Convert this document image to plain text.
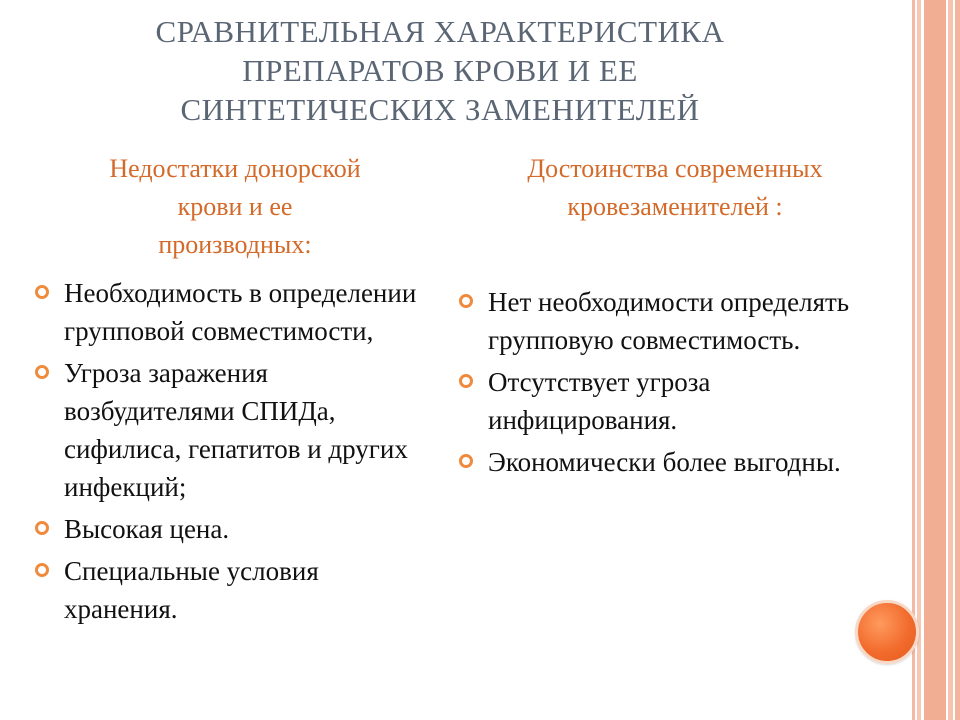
СРАВНИТЕЛЬНАЯ ХАРАКТЕРИСТИКА
ПРЕПАРАТОВ КРОВИ И ЕЕ
СИНТЕТИЧЕСКИХ ЗАМЕНИТЕЛЕЙ
Недостатки донорской
крови и ее
производных:
Достоинства современных
кровезаменителей :
Необходимость в определении групповой совместимости,
Угроза заражения возбудителями СПИДа, сифилиса, гепатитов и других инфекций;
Высокая цена.
Специальные условия хранения.
Нет необходимости определять групповую совместимость.
Отсутствует угроза инфицирования.
Экономически более выгодны.
